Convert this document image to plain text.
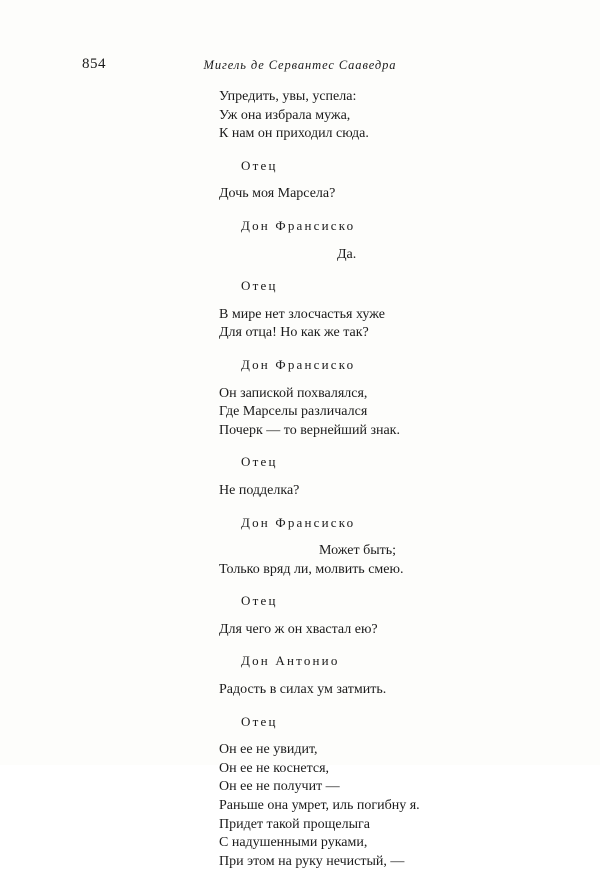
854	Мигель де Сервантес Сааведра
Упредить, увы, успела:
Уж она избрала мужа,
К нам он приходил сюда.
Отец
Дочь моя Марсела?
Дон Франсиско
Да.
Отец
В мире нет злосчастья хуже
Для отца! Но как же так?
Дон Франсиско
Он запиской похвалялся,
Где Марселы различался
Почерк — то вернейший знак.
Отец
Не подделка?
Дон Франсиско
Может быть;
Только вряд ли, молвить смею.
Отец
Для чего ж он хвастал ею?
Дон Антонио
Радость в силах ум затмить.
Отец
Он ее не увидит,
Он ее не коснется,
Он ее не получит —
Раньше она умрет, иль погибну я.
Придет такой прощелыга
С надушенными руками,
При этом на руку нечистый, —
